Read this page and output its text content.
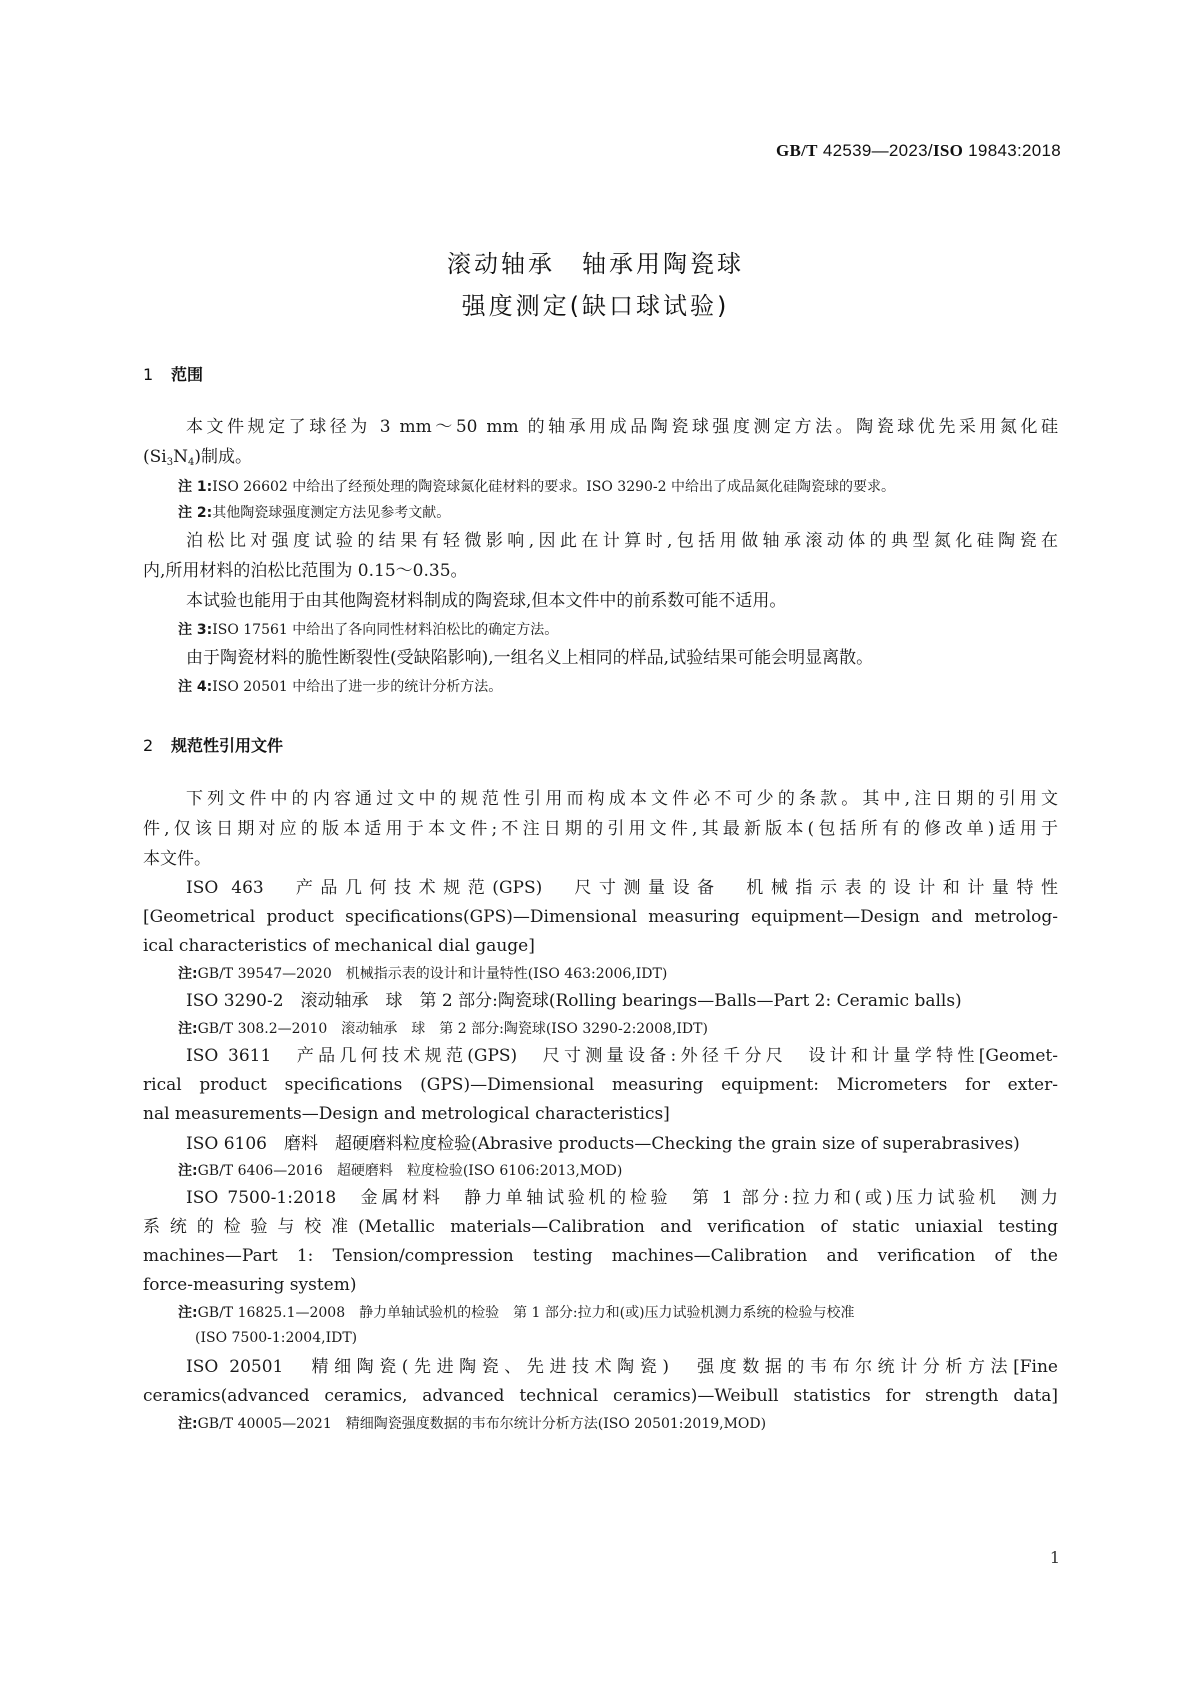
GB/T 42539—2023/ISO 19843:2018
滚动轴承　轴承用陶瓷球
强度测定(缺口球试验)
1 范围
本文件规定了球径为 3 mm～50 mm 的轴承用成品陶瓷球强度测定方法。陶瓷球优先采用氮化硅
$(Si_3N_4)$制成。
注 1:ISO 26602 中给出了经预处理的陶瓷球氮化硅材料的要求。ISO 3290-2 中给出了成品氮化硅陶瓷球的要求。
注 2:其他陶瓷球强度测定方法见参考文献。
泊松比对强度试验的结果有轻微影响,因此在计算时,包括用做轴承滚动体的典型氮化硅陶瓷在
内,所用材料的泊松比范围为 0.15～0.35。
本试验也能用于由其他陶瓷材料制成的陶瓷球,但本文件中的前系数可能不适用。
注 3:ISO 17561 中给出了各向同性材料泊松比的确定方法。
由于陶瓷材料的脆性断裂性(受缺陷影响),一组名义上相同的样品,试验结果可能会明显离散。
注 4:ISO 20501 中给出了进一步的统计分析方法。
2 规范性引用文件
下列文件中的内容通过文中的规范性引用而构成本文件必不可少的条款。其中,注日期的引用文
件,仅该日期对应的版本适用于本文件;不注日期的引用文件,其最新版本(包括所有的修改单)适用于
本文件。
ISO 463　产品几何技术规范(GPS)　尺寸测量设备　机械指示表的设计和计量特性
[Geometrical product specifications(GPS)—Dimensional measuring equipment—Design and metrolog-
ical characteristics of mechanical dial gauge]
注:GB/T 39547—2020　机械指示表的设计和计量特性(ISO 463:2006,IDT)
ISO 3290-2　滚动轴承　球　第 2 部分:陶瓷球(Rolling bearings—Balls—Part 2: Ceramic balls)
注:GB/T 308.2—2010　滚动轴承　球　第 2 部分:陶瓷球(ISO 3290-2:2008,IDT)
ISO 3611　产品几何技术规范(GPS)　尺寸测量设备:外径千分尺　设计和计量学特性[Geomet-
rical product specifications (GPS)—Dimensional measuring equipment: Micrometers for exter-
nal measurements—Design and metrological characteristics]
ISO 6106　磨料　超硬磨料粒度检验(Abrasive products—Checking the grain size of superabrasives)
注:GB/T 6406—2016　超硬磨料　粒度检验(ISO 6106:2013,MOD)
ISO 7500-1:2018　金属材料　静力单轴试验机的检验　第 1 部分:拉力和(或)压力试验机　测力
系统的检验与校准(Metallic materials—Calibration and verification of static uniaxial testing
machines—Part 1: Tension/compression testing machines—Calibration and verification of the
force-measuring system)
注:GB/T 16825.1—2008　静力单轴试验机的检验　第 1 部分:拉力和(或)压力试验机测力系统的检验与校准
(ISO 7500-1:2004,IDT)
ISO 20501　精细陶瓷(先进陶瓷、先进技术陶瓷)　强度数据的韦布尔统计分析方法[Fine
ceramics(advanced ceramics, advanced technical ceramics)—Weibull statistics for strength data]
注:GB/T 40005—2021　精细陶瓷强度数据的韦布尔统计分析方法(ISO 20501:2019,MOD)
1
